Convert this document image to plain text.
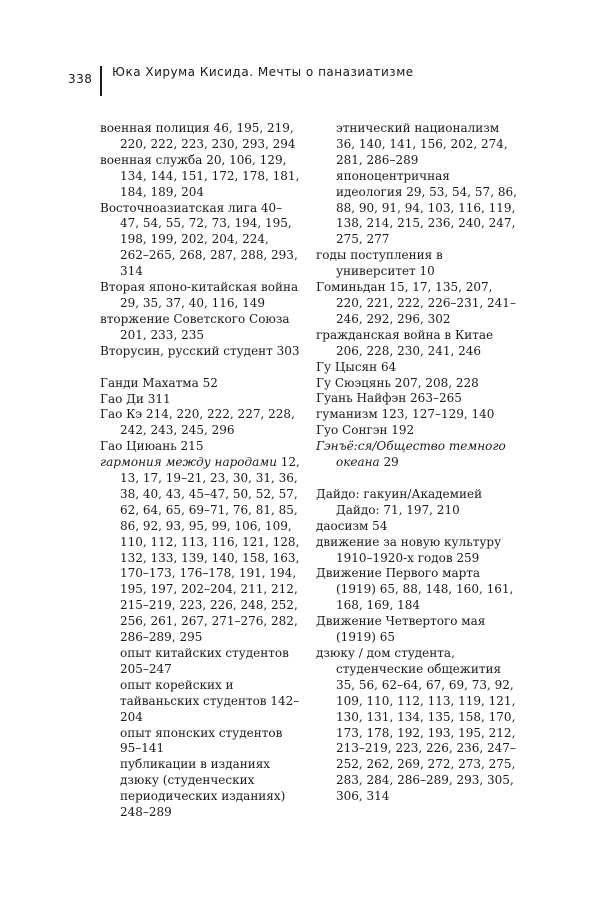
338 Юка Хирума Кисида. Мечты о паназиатизме
военная полиция 46, 195, 219, 220, 222, 223, 230, 293, 294
военная служба 20, 106, 129, 134, 144, 151, 172, 178, 181, 184, 189, 204
Восточноазиатская лига 40–47, 54, 55, 72, 73, 194, 195, 198, 199, 202, 204, 224, 262–265, 268, 287, 288, 293, 314
Вторая японо-китайская война 29, 35, 37, 40, 116, 149
вторжение Советского Союза 201, 233, 235
Вторусин, русский студент 303
Ганди Махатма 52
Гао Ди 311
Гао Кэ 214, 220, 222, 227, 228, 242, 243, 245, 296
Гао Циюань 215
гармония между народами 12, 13, 17, 19–21, 23, 30, 31, 36, 38, 40, 43, 45–47, 50, 52, 57, 62, 64, 65, 69–71, 76, 81, 85, 86, 92, 93, 95, 99, 106, 109, 110, 112, 113, 116, 121, 128, 132, 133, 139, 140, 158, 163, 170–173, 176–178, 191, 194, 195, 197, 202–204, 211, 212, 215–219, 223, 226, 248, 252, 256, 261, 267, 271–276, 282, 286–289, 295
опыт китайских студентов 205–247
опыт корейских и тайваньских студентов 142–204
опыт японских студентов 95–141
публикации в изданиях дзюку (студенческих периодических изданиях) 248–289
этнический национализм 36, 140, 141, 156, 202, 274, 281, 286–289
японоцентричная идеология 29, 53, 54, 57, 86, 88, 90, 91, 94, 103, 116, 119, 138, 214, 215, 236, 240, 247, 275, 277
годы поступления в университет 10
Гоминьдан 15, 17, 135, 207, 220, 221, 222, 226–231, 241–246, 292, 296, 302
гражданская война в Китае 206, 228, 230, 241, 246
Гу Цысян 64
Гу Сюэцянь 207, 208, 228
Гуань Найфэн 263–265
гуманизм 123, 127–129, 140
Гуо Сонгэн 192
Гэнъё:ся/Общество темного океана 29
Дайдо: гакуин/Академией Дайдо: 71, 197, 210
даосизм 54
движение за новую культуру 1910–1920-х годов 259
Движение Первого марта (1919) 65, 88, 148, 160, 161, 168, 169, 184
Движение Четвертого мая (1919) 65
дзюку / дом студента, студенческие общежития 35, 56, 62–64, 67, 69, 73, 92, 109, 110, 112, 113, 119, 121, 130, 131, 134, 135, 158, 170, 173, 178, 192, 193, 195, 212, 213–219, 223, 226, 236, 247–252, 262, 269, 272, 273, 275, 283, 284, 286–289, 293, 305, 306, 314
